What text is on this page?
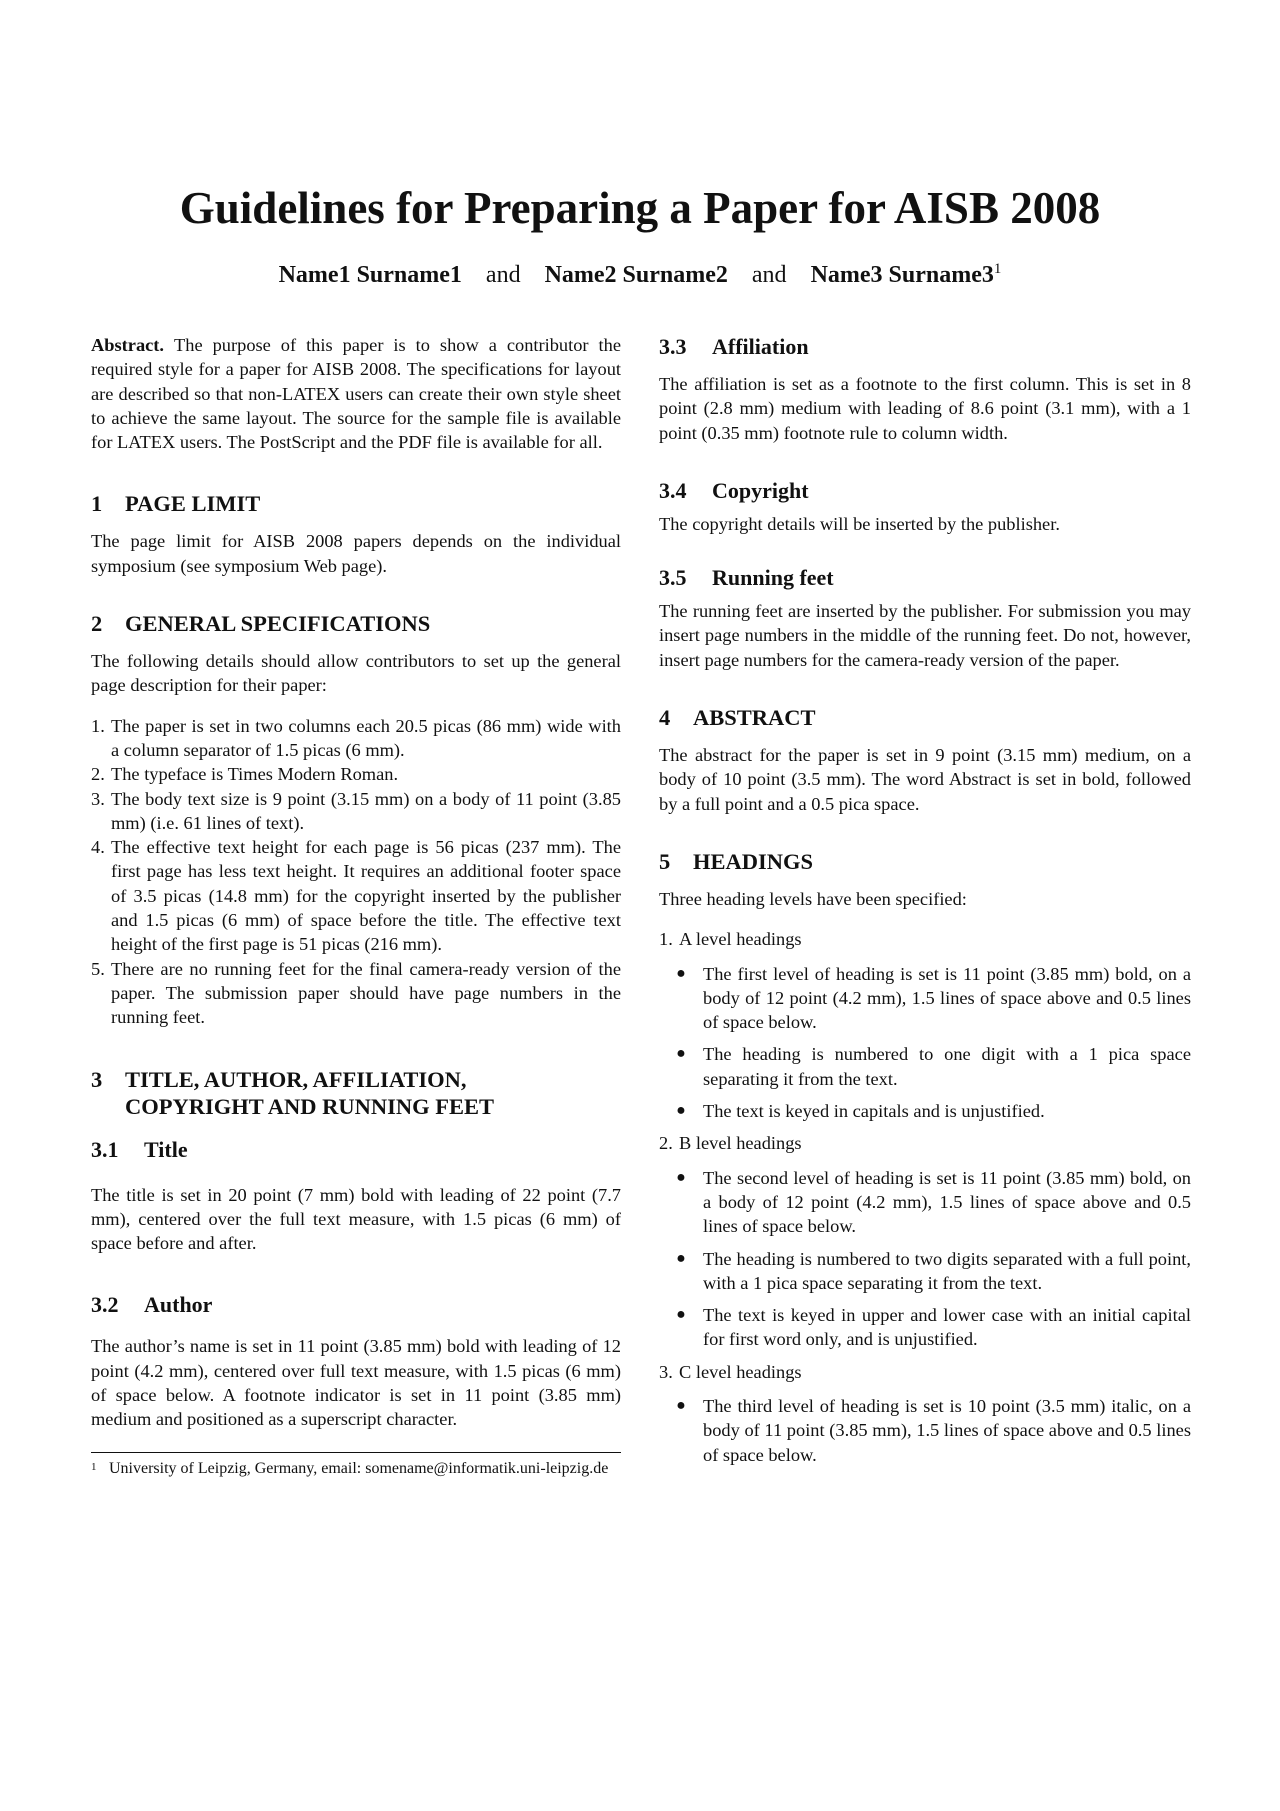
Guidelines for Preparing a Paper for AISB 2008
Name1 Surname1 and Name2 Surname2 and Name3 $Surname3^1$

Abstract. The purpose of this paper is to show a contributor the required style for a paper for AISB 2008. The specifications for layout are described so that non-LATEX users can create their own style sheet to achieve the same layout. The source for the sample file is available for LATEX users. The PostScript and the PDF file is available for all.

1 PAGE LIMIT

The page limit for AISB 2008 papers depends on the individual symposium (see symposium Web page).

2 GENERAL SPECIFICATIONS

The following details should allow contributors to set up the general page description for their paper:

1. The paper is set in two columns each 20.5 picas (86 mm) wide with a column separator of 1.5 picas (6 mm).
2. The typeface is Times Modern Roman.
3. The body text size is 9 point (3.15 mm) on a body of 11 point (3.85 mm) (i.e. 61 lines of text).
4. The effective text height for each page is 56 picas (237 mm). The first page has less text height. It requires an additional footer space of 3.5 picas (14.8 mm) for the copyright inserted by the publisher and 1.5 picas (6 mm) of space before the title. The effective text height of the first page is 51 picas (216 mm).
5. There are no running feet for the final camera-ready version of the paper. The submission paper should have page numbers in the running feet.
3	TITLE, AUTHOR, AFFILIATION,
COPYRIGHT AND RUNNING FEET
3.1 Title

The title is set in 20 point (7 mm) bold with leading of 22 point (7.7 mm), centered over the full text measure, with 1.5 picas (6 mm) of space before and after.

3.2 Author

The author’s name is set in 11 point (3.85 mm) bold with leading of 12 point (4.2 mm), centered over full text measure, with 1.5 picas (6 mm) of space below. A footnote indicator is set in 11 point (3.85 mm) medium and positioned as a superscript character.

1 University of Leipzig, Germany, email: somename@informatik.uni-leipzig.de
3.3 Affiliation

The affiliation is set as a footnote to the first column. This is set in 8 point (2.8 mm) medium with leading of 8.6 point (3.1 mm), with a 1 point (0.35 mm) footnote rule to column width.

3.4 Copyright

The copyright details will be inserted by the publisher.

3.5 Running feet

The running feet are inserted by the publisher. For submission you may insert page numbers in the middle of the running feet. Do not, however, insert page numbers for the camera-ready version of the paper.

4 ABSTRACT

The abstract for the paper is set in 9 point (3.15 mm) medium, on a body of 10 point (3.5 mm). The word Abstract is set in bold, followed by a full point and a 0.5 pica space.

5 HEADINGS

Three heading levels have been specified:

1. A level headings
● The first level of heading is set is 11 point (3.85 mm) bold, on a body of 12 point (4.2 mm), 1.5 lines of space above and 0.5 lines of space below.
● The heading is numbered to one digit with a 1 pica space separating it from the text.
● The text is keyed in capitals and is unjustified.
2. B level headings
● The second level of heading is set is 11 point (3.85 mm) bold, on a body of 12 point (4.2 mm), 1.5 lines of space above and 0.5 lines of space below.
● The heading is numbered to two digits separated with a full point, with a 1 pica space separating it from the text.
● The text is keyed in upper and lower case with an initial capital for first word only, and is unjustified.
3. C level headings
● The third level of heading is set is 10 point (3.5 mm) italic, on a body of 11 point (3.85 mm), 1.5 lines of space above and 0.5 lines of space below.
